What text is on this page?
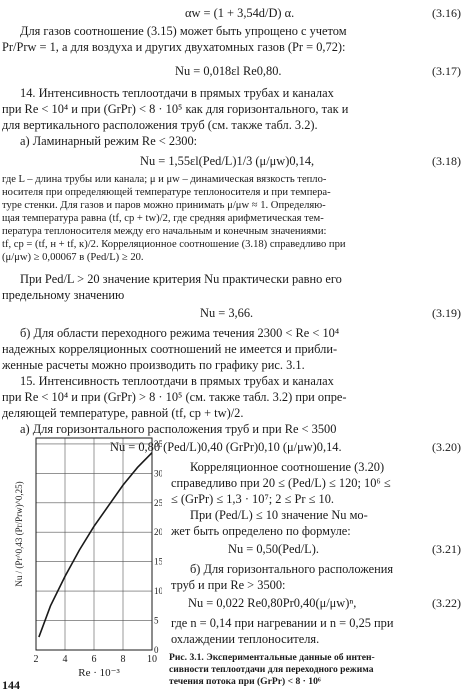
αw = (1 + 3,54d/D) α.	(3.16)
Для газов соотношение (3.15) может быть упрощено с учетом
Pr/Prw = 1, а для воздуха и других двухатомных газов (Pr = 0,72):
Nu = 0,018εl Re0,80.	(3.17)
14. Интенсивность теплоотдачи в прямых трубах и каналах
при Re < 10⁴ и при (GrPr) < 8 · 10⁵ как для горизонтального, так и
для вертикального расположения труб (см. также табл. 3.2).
а) Ламинарный режим Re < 2300:
Nu = 1,55εl(Ped/L)1/3 (μ/μw)0,14,	(3.18)
где L – длина трубы или канала; μ и μw – динамическая вязкость тепло-
носителя при определяющей температуре теплоносителя и при темпера-
туре стенки. Для газов и паров можно принимать μ/μw ≈ 1. Определяю-
щая температура равна (tf, ср + tw)/2, где средняя арифметическая тем-
пература теплоносителя между его начальным и конечным значениями:
tf, ср = (tf, н + tf, к)/2. Корреляционное соотношение (3.18) справедливо при
(μ/μw) ≥ 0,00067 в (Ped/L) ≥ 20.
При Ped/L > 20 значение критерия Nu практически равно его
предельному значению
Nu = 3,66.	(3.19)
б) Для области переходного режима течения 2300 < Re < 10⁴
надежных корреляционных соотношений не имеется и прибли-
женные расчеты можно производить по графику рис. 3.1.
15. Интенсивность теплоотдачи в прямых трубах и каналах
при Re < 10⁴ и при (GrPr) > 8 · 10⁵ (см. также табл. 3.2) при опре-
деляющей температуре, равной (tf, ср + tw)/2.
а) Для горизонтального расположения труб и при Re < 3500
Nu = 0,80 (Ped/L)0,40 (GrPr)0,10 (μ/μw)0,14.	(3.20)
Корреляционное соотношение (3.20)
справедливо при 20 ≤ (Ped/L) ≤ 120; 10⁶ ≤
≤ (GrPr) ≤ 1,3 · 10⁷; 2 ≤ Pr ≤ 10.
При (Ped/L) ≤ 10 значение Nu мо-
жет быть определено по формуле:
Nu = 0,50(Ped/L).	(3.21)
б) Для горизонтального расположения
труб и при Re > 3500:
Nu = 0,022 Re0,80Pr0,40(μ/μw)ⁿ,	(3.22)
где n = 0,14 при нагревании и n = 0,25 при
охлаждении теплоносителя.
Рис. 3.1. Экспериментальные данные об интен-
сивности теплоотдачи для переходного режима
течения потока при (GrPr) < 8 · 10⁶
2 4 6 8 10
0
5
10
15
20
25
30
35
Re · 10⁻³
Nu / (Pr^0,43 (Pr/Prw)^0,25)
144
